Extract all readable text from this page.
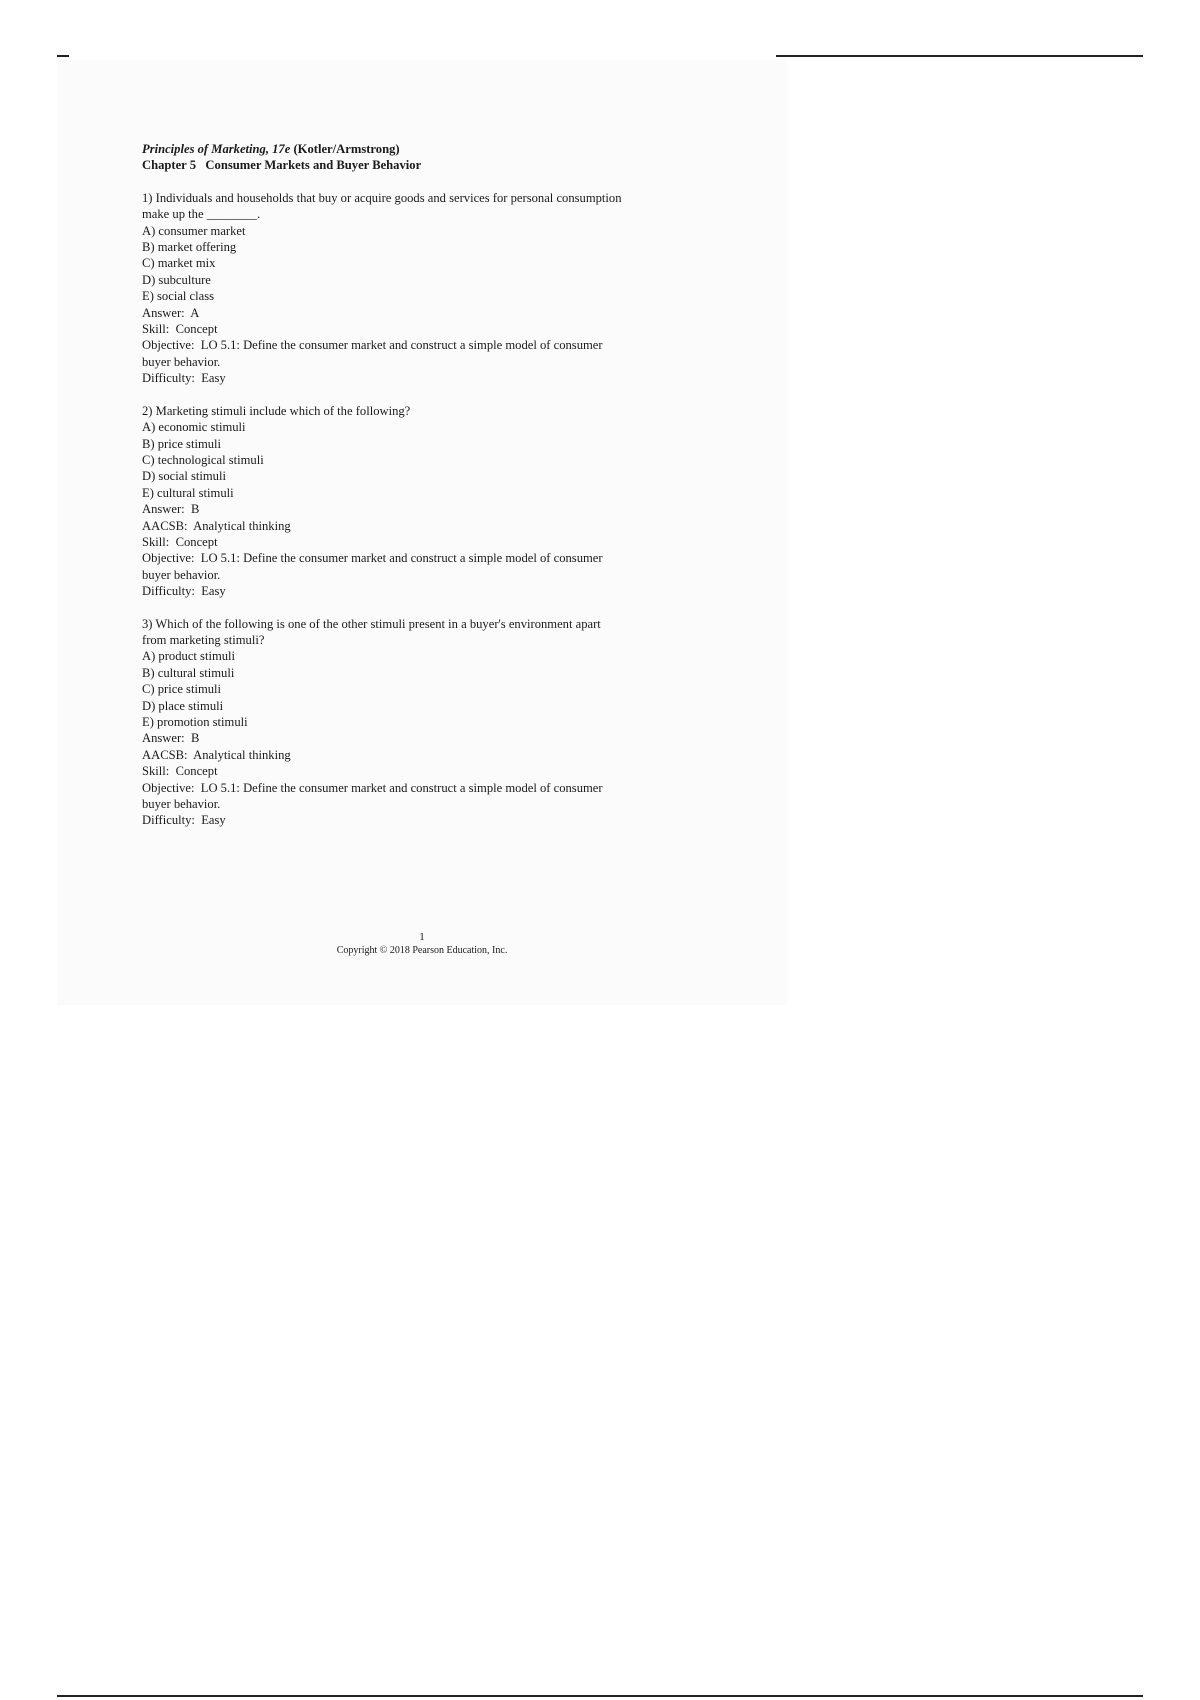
Principles of Marketing, 17e (Kotler/Armstrong)

Chapter 5   Consumer Markets and Buyer Behavior

1) Individuals and households that buy or acquire goods and services for personal consumption
make up the ________.
A) consumer market
B) market offering
C) market mix
D) subculture
E) social class
Answer:  A
Skill:  Concept
Objective:  LO 5.1: Define the consumer market and construct a simple model of consumer
buyer behavior.
Difficulty:  Easy
2) Marketing stimuli include which of the following?
A) economic stimuli
B) price stimuli
C) technological stimuli
D) social stimuli
E) cultural stimuli
Answer:  B
AACSB:  Analytical thinking
Skill:  Concept
Objective:  LO 5.1: Define the consumer market and construct a simple model of consumer
buyer behavior.
Difficulty:  Easy
3) Which of the following is one of the other stimuli present in a buyer's environment apart
from marketing stimuli?
A) product stimuli
B) cultural stimuli
C) price stimuli
D) place stimuli
E) promotion stimuli
Answer:  B
AACSB:  Analytical thinking
Skill:  Concept
Objective:  LO 5.1: Define the consumer market and construct a simple model of consumer
buyer behavior.
Difficulty:  Easy
1
Copyright © 2018 Pearson Education, Inc.
